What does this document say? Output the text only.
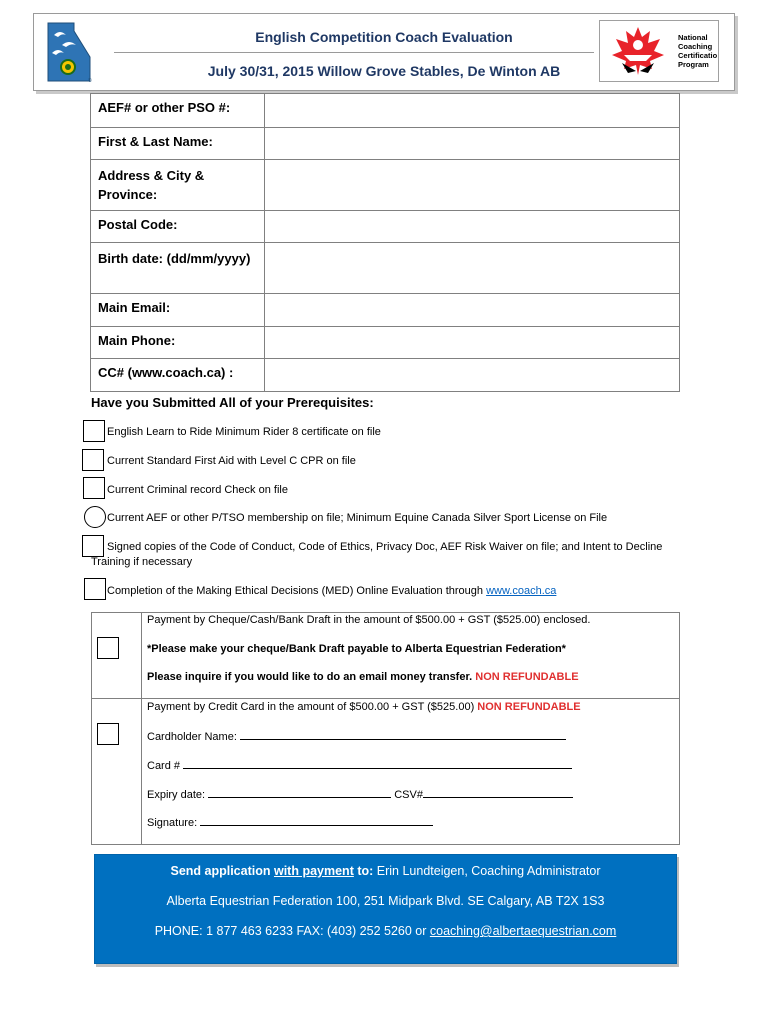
®
English Competition Coach Evaluation
July 30/31, 2015 Willow Grove Stables, De Winton AB
National
Coaching
Certificatio
Program
AEF# or other PSO #:	
First & Last Name:	
Address & City & Province:	
Postal Code:	
Birth date: (dd/mm/yyyy)	
Main Email:	
Main Phone:	
CC# (www.coach.ca) :	
Have you Submitted All of your Prerequisites:
English Learn to Ride Minimum Rider 8 certificate on file
Current Standard First Aid with Level C CPR on file
Current Criminal record Check on file
Current AEF or other P/TSO membership on file; Minimum Equine Canada Silver Sport License on File
Signed copies of the Code of Conduct, Code of Ethics, Privacy Doc, AEF Risk Waiver on file; and Intent to Decline
Training if necessary
Completion of the Making Ethical Decisions (MED) Online Evaluation through www.coach.ca
Payment by Cheque/Cash/Bank Draft in the amount of $500.00 + GST ($525.00) enclosed.
*Please make your cheque/Bank Draft payable to Alberta Equestrian Federation*
Please inquire if you would like to do an email money transfer. NON REFUNDABLE
Payment by Credit Card in the amount of $500.00 + GST ($525.00) NON REFUNDABLE
Cardholder Name:
Card #
Expiry date:	CSV#
Signature:
Send application with payment to: Erin Lundteigen, Coaching Administrator
Alberta Equestrian Federation 100, 251 Midpark Blvd. SE Calgary, AB T2X 1S3
PHONE: 1 877 463 6233 FAX: (403) 252 5260 or coaching@albertaequestrian.com
